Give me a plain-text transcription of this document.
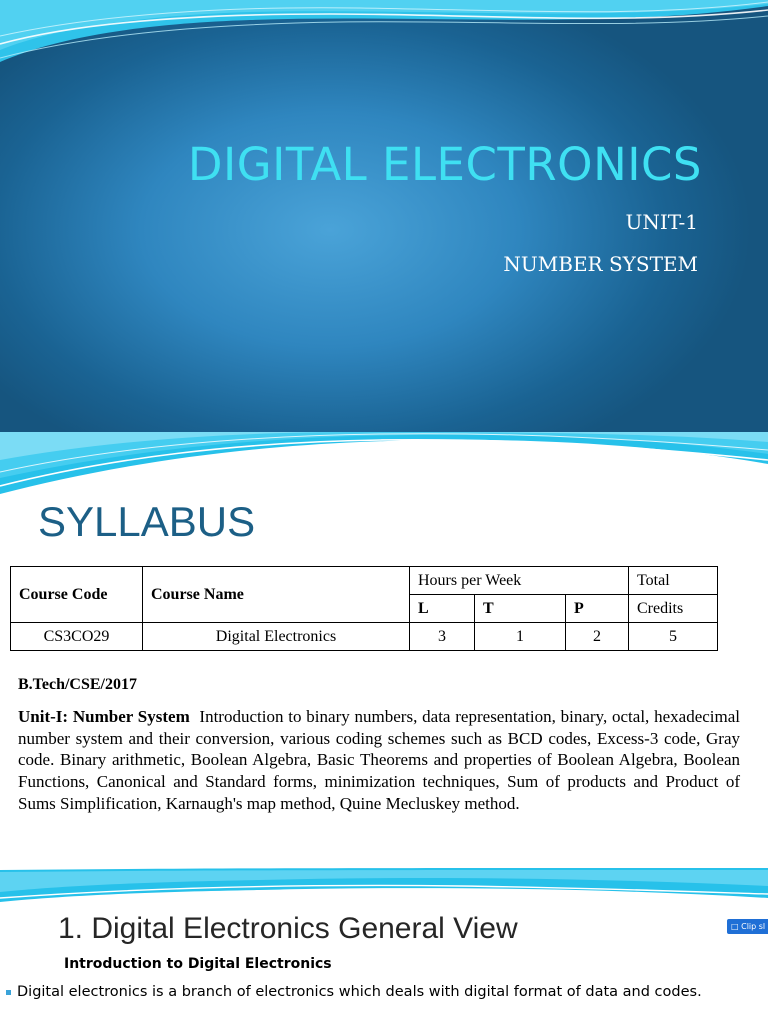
DIGITAL ELECTRONICS
UNIT-1
NUMBER SYSTEM
SYLLABUS
Course Code	Course Name	Hours per Week			Total
		L	T	P	Credits
CS3CO29	Digital Electronics	3	1	2	5
B.Tech/CSE/2017
Unit-I: Number System Introduction to binary numbers, data representation, binary, octal, hexadecimal number system and their conversion, various coding schemes such as BCD codes, Excess-3 code, Gray code. Binary arithmetic, Boolean Algebra, Basic Theorems and properties of Boolean Algebra, Boolean Functions, Canonical and Standard forms, minimization techniques, Sum of products and Product of Sums Simplification, Karnaugh's map method, Quine Mecluskey method.
1. Digital Electronics General View	□ Clip sl
Introduction to Digital Electronics
Digital electronics is a branch of electronics which deals with digital format of data and codes.
